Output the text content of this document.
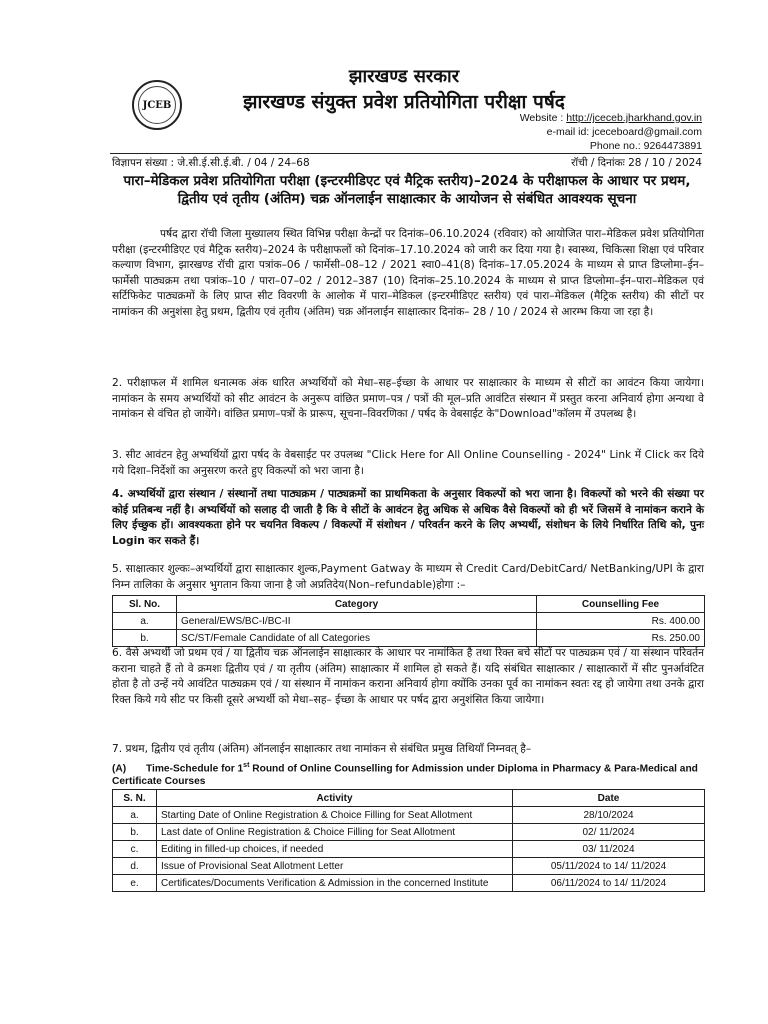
JCEB
झारखण्ड सरकार
झारखण्ड संयुक्त प्रवेश प्रतियोगिता परीक्षा पर्षद
Website : http://jceceb.jharkhand.gov.in
e-mail id: jceceboard@gmail.com
Phone no.: 9264473891
विज्ञापन संख्या : जे.सी.ई.सी.ई.बी. / 04 / 24–68	रॉची / दिनांकः 28 / 10 / 2024
पारा–मेडिकल प्रवेश प्रतियोगिता परीक्षा (इन्टरमीडिएट एवं मैट्रिक स्तरीय)–2024 के परीक्षाफल के आधार पर प्रथम, द्वितीय एवं तृतीय (अंतिम) चक्र ऑनलाईन साक्षात्कार के आयोजन से संबंधित आवश्यक सूचना
पर्षद द्वारा रॉची जिला मुख्यालय स्थित विभिन्न परीक्षा केन्द्रों पर दिनांक–06.10.2024 (रविवार) को आयोजित पारा–मेडिकल प्रवेश प्रतियोगिता परीक्षा (इन्टरमीडिएट एवं मैट्रिक स्तरीय)–2024 के परीक्षाफलों को दिनांक–17.10.2024 को जारी कर दिया गया है। स्वास्थ्य, चिकित्सा शिक्षा एवं परिवार कल्याण विभाग, झारखण्ड रॉची द्वारा पत्रांक–06 / फार्मेसी–08–12 / 2021 स्वा0–41(8) दिनांक–17.05.2024 के माध्यम से प्राप्त डिप्लोमा–ईन–फार्मेसी पाठ्यक्रम तथा पत्रांक–10 / पारा–07–02 / 2012–387 (10) दिनांक–25.10.2024 के माध्यम से प्राप्त डिप्लोमा–ईन–पारा–मेडिकल एवं सर्टिफिकेट पाठ्यक्रमों के लिए प्राप्त सीट विवरणी के आलोक में पारा–मेडिकल (इन्टरमीडिएट स्तरीय) एवं पारा–मेडिकल (मैट्रिक स्तरीय) की सीटों पर नामांकन की अनुशंसा हेतु प्रथम, द्वितीय एवं तृतीय (अंतिम) चक्र ऑनलाईन साक्षात्कार दिनांक– 28 / 10 / 2024 से आरम्भ किया जा रहा है।
2. परीक्षाफल में शामिल धनात्मक अंक धारित अभ्यर्थियों को मेधा–सह–ईच्छा के आधार पर साक्षात्कार के माध्यम से सीटों का आवंटन किया जायेगा। नामांकन के समय अभ्यर्थियों को सीट आवंटन के अनुरूप वांछित प्रमाण–पत्र / पत्रों की मूल–प्रति आवंटित संस्थान में प्रस्तुत करना अनिवार्य होगा अन्यथा वे नामांकन से वंचित हो जायेंगे। वांछित प्रमाण–पत्रों के प्रारूप, सूचना–विवरणिका / पर्षद के वेबसाईट के"Download"कॉलम में उपलब्ध है।
3. सीट आवंटन हेतु अभ्यर्थियों द्वारा पर्षद के वेबसाईट पर उपलब्ध "Click Here for All Online Counselling - 2024" Link में Click कर दिये गये दिशा–निर्देशों का अनुसरण करते हुए विकल्पों को भरा जाना है।
4. अभ्यर्थियों द्वारा संस्थान / संस्थानों तथा पाठ्यक्रम / पाठ्यक्रमों का प्राथमिकता के अनुसार विकल्पों को भरा जाना है। विकल्पों को भरने की संख्या पर कोई प्रतिबन्ध नहीं है। अभ्यर्थियों को सलाह दी जाती है कि वे सीटों के आवंटन हेतु अधिक से अधिक वैसे विकल्पों को ही भरें जिसमें वे नामांकन कराने के लिए ईच्छुक हों। आवश्यकता होने पर चयनित विकल्प / विकल्पों में संशोधन / परिवर्तन करने के लिए अभ्यर्थी, संशोधन के लिये निर्धारित तिथि को, पुनः Login कर सकते हैं।
5. साक्षात्कार शुल्कः–अभ्यर्थियों द्वारा साक्षात्कार शुल्क,Payment Gatway के माध्यम से Credit Card/DebitCard/ NetBanking/UPI के द्वारा निम्न तालिका के अनुसार भुगतान किया जाना है जो अप्रतिदेय(Non–refundable)होगा :–
Sl. No.	Category	Counselling Fee
a.	General/EWS/BC-I/BC-II	Rs. 400.00
b.	SC/ST/Female Candidate of all Categories	Rs. 250.00
6. वैसे अभ्यर्थी जो प्रथम एवं / या द्वितीय चक्र ऑनलाईन साक्षात्कार के आधार पर नामांकित है तथा रिक्त बचे सीटों पर पाठ्यक्रम एवं / या संस्थान परिवर्तन कराना चाहते हैं तो वे क्रमशः द्वितीय एवं / या तृतीय (अंतिम) साक्षात्कार में शामिल हो सकते हैं। यदि संबंधित साक्षात्कार / साक्षात्कारों में सीट पुनर्आवंटित होता है तो उन्हें नये आवंटित पाठ्यक्रम एवं / या संस्थान में नामांकन कराना अनिवार्य होगा क्योंकि उनका पूर्व का नामांकन स्वतः रद्द हो जायेगा तथा उनके द्वारा रिक्त किये गये सीट पर किसी दूसरे अभ्यर्थी को मेधा–सह– ईच्छा के आधार पर पर्षद द्वारा अनुशंसित किया जायेगा।
7. प्रथम, द्वितीय एवं तृतीय (अंतिम) ऑनलाईन साक्षात्कार तथा नामांकन से संबंधित प्रमुख तिथियाँ निम्नवत् है–
(A) Time-Schedule for 1st Round of Online Counselling for Admission under Diploma in Pharmacy & Para-Medical and Certificate Courses
S. N.	Activity	Date
a.	Starting Date of Online Registration & Choice Filling for Seat Allotment	28/10/2024
b.	Last date of Online Registration & Choice Filling for Seat Allotment	02/ 11/2024
c.	Editing in filled-up choices, if needed	03/ 11/2024
d.	Issue of Provisional Seat Allotment Letter	05/11/2024 to 14/ 11/2024
e.	Certificates/Documents Verification & Admission in the concerned Institute	06/11/2024 to 14/ 11/2024
